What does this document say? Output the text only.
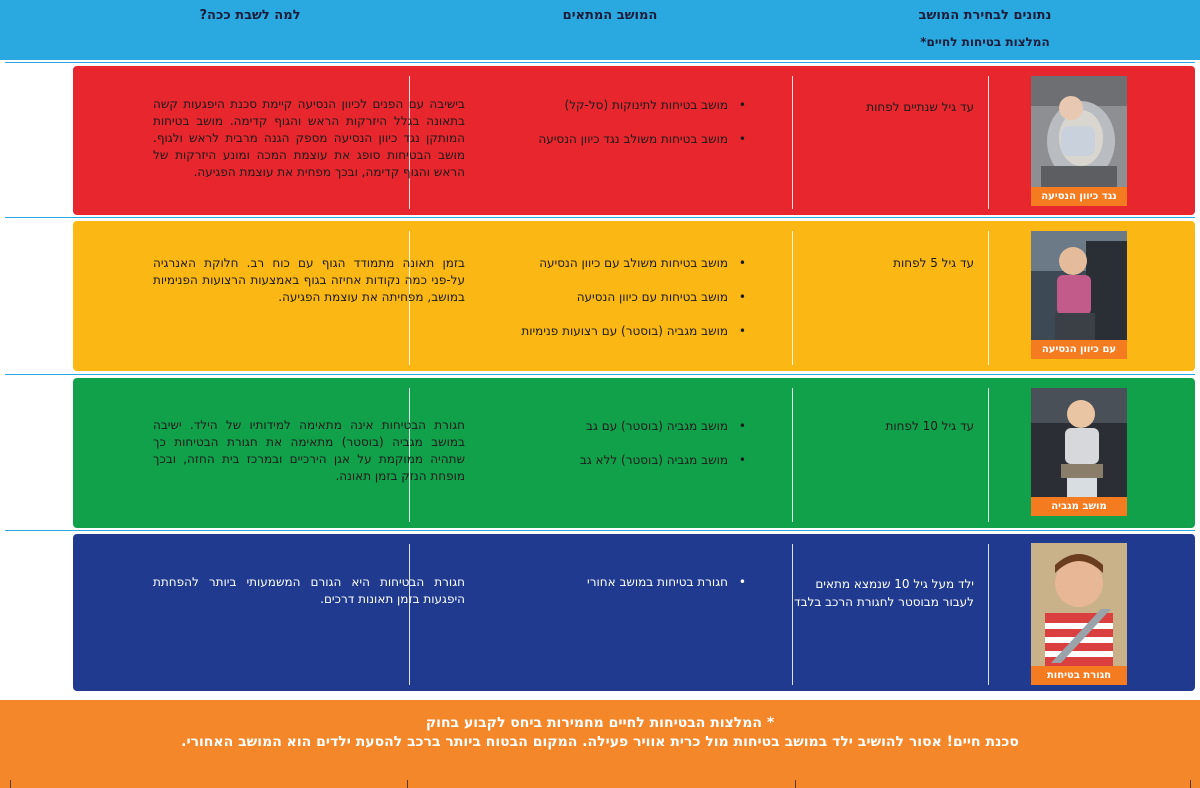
נתונים לבחירת המושב
המלצות בטיחות לחיים*
המושב המתאים
למה לשבת ככה?
נגד כיוון הנסיעה
עד גיל שנתיים לפחות
• מושב בטיחות לתינוקות (סל-קל)
• מושב בטיחות משולב נגד כיוון הנסיעה
בישיבה עם הפנים לכיוון הנסיעה קיימת סכנת היפגעות קשה בתאונה בגלל היזרקות הראש והגוף קדימה. מושב בטיחות המותקן נגד כיוון הנסיעה מספק הגנה מרבית לראש ולגוף. מושב הבטיחות סופג את עוצמת המכה ומונע היזרקות של הראש והגוף קדימה, ובכך מפחית את עוצמת הפגיעה.
עם כיוון הנסיעה
עד גיל 5 לפחות
• מושב בטיחות משולב עם כיוון הנסיעה
• מושב בטיחות עם כיוון הנסיעה
• מושב מגביה (בוסטר) עם רצועות פנימיות
בזמן תאונה מתמודד הגוף עם כוח רב. חלוקת האנרגיה על-פני כמה נקודות אחיזה בגוף באמצעות הרצועות הפנימיות במושב, מפחיתה את עוצמת הפגיעה.
מושב מגביה
עד גיל 10 לפחות
• מושב מגביה (בוסטר) עם גב
• מושב מגביה (בוסטר) ללא גב
חגורת הבטיחות אינה מתאימה למידותיו של הילד. ישיבה במושב מגביה (בוסטר) מתאימה את חגורת הבטיחות כך שתהיה ממוקמת על אגן הירכיים ובמרכז בית החזה, ובכך מופחת הנזק בזמן תאונה.
חגורת בטיחות
ילד מעל גיל 10 שנמצא מתאים לעבור מבוסטר לחגורת הרכב בלבד
• חגורת בטיחות במושב אחורי
חגורת הבטיחות היא הגורם המשמעותי ביותר להפחתת היפגעות בזמן תאונות דרכים.
* המלצות הבטיחות לחיים מחמירות ביחס לקבוע בחוק
סכנת חיים! אסור להושיב ילד במושב בטיחות מול כרית אוויר פעילה. המקום הבטוח ביותר ברכב להסעת ילדים הוא המושב האחורי.
